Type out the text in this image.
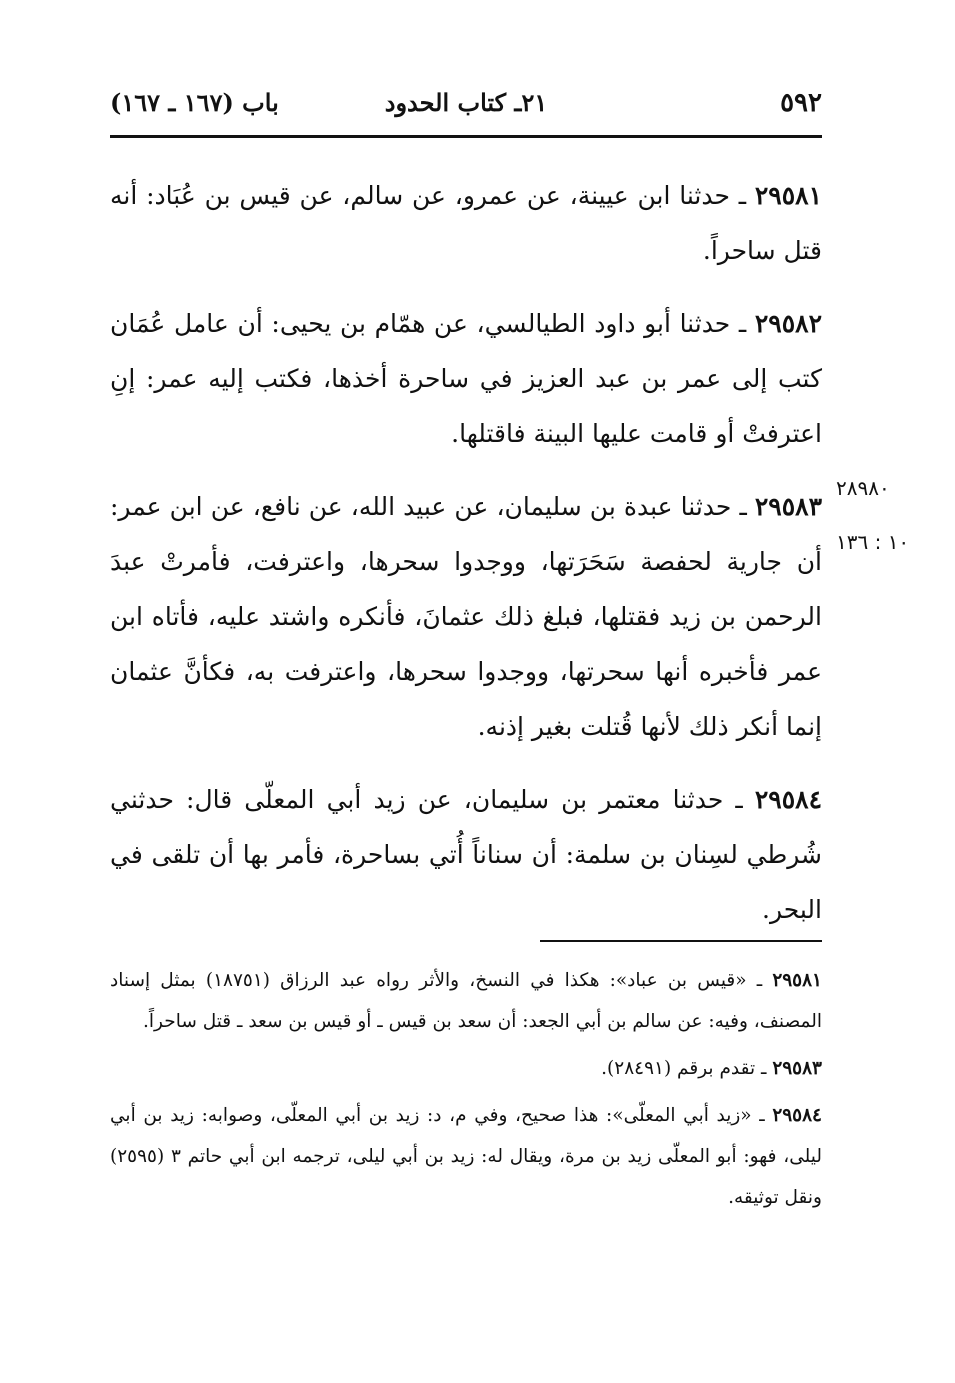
٥٩٢
٢١ـ كتاب الحدود
باب (١٦٧ ـ ١٦٧)

٢٩٥٨١ ـ حدثنا ابن عيينة، عن عمرو، عن سالم، عن قيس بن عُبَاد: أنه قتل ساحراً.

٢٩٥٨٢ ـ حدثنا أبو داود الطيالسي، عن همّام بن يحيى: أن عامل عُمَان كتب إلى عمر بن عبد العزيز في ساحرة أخذها، فكتب إليه عمر: إنِ اعترفتْ أو قامت عليها البينة فاقتلها.

٢٩٥٨٣ ـ حدثنا عبدة بن سليمان، عن عبيد الله، عن نافع، عن ابن عمر: أن جارية لحفصة سَحَرَتها، ووجدوا سحرها، واعترفت، فأمرتْ عبدَ الرحمن بن زيد فقتلها، فبلغ ذلك عثمانَ، فأنكره واشتد عليه، فأتاه ابن عمر فأخبره أنها سحرتها، ووجدوا سحرها، واعترفت به، فكأنَّ عثمان إنما أنكر ذلك لأنها قُتلت بغير إذنه.

٢٩٥٨٤ ـ حدثنا معتمر بن سليمان، عن زيد أبي المعلّى قال: حدثني شُرطي لسِنان بن سلمة: أن سناناً أُتي بساحرة، فأمر بها أن تلقى في البحر.

٢٨٩٨٠
١٠ : ١٣٦

٢٩٥٨١ ـ «قيس بن عباد»: هكذا في النسخ، والأثر رواه عبد الرزاق (١٨٧٥١) بمثل إسناد المصنف، وفيه: عن سالم بن أبي الجعد: أن سعد بن قيس ـ أو قيس بن سعد ـ قتل ساحراً.

٢٩٥٨٣ ـ تقدم برقم (٢٨٤٩١).

٢٩٥٨٤ ـ «زيد أبي المعلّى»: هذا صحيح، وفي م، د: زيد بن أبي المعلّى، وصوابه: زيد بن أبي ليلى، فهو: أبو المعلّى زيد بن مرة، ويقال له: زيد بن أبي ليلى، ترجمه ابن أبي حاتم ٣ (٢٥٩٥) ونقل توثيقه.
